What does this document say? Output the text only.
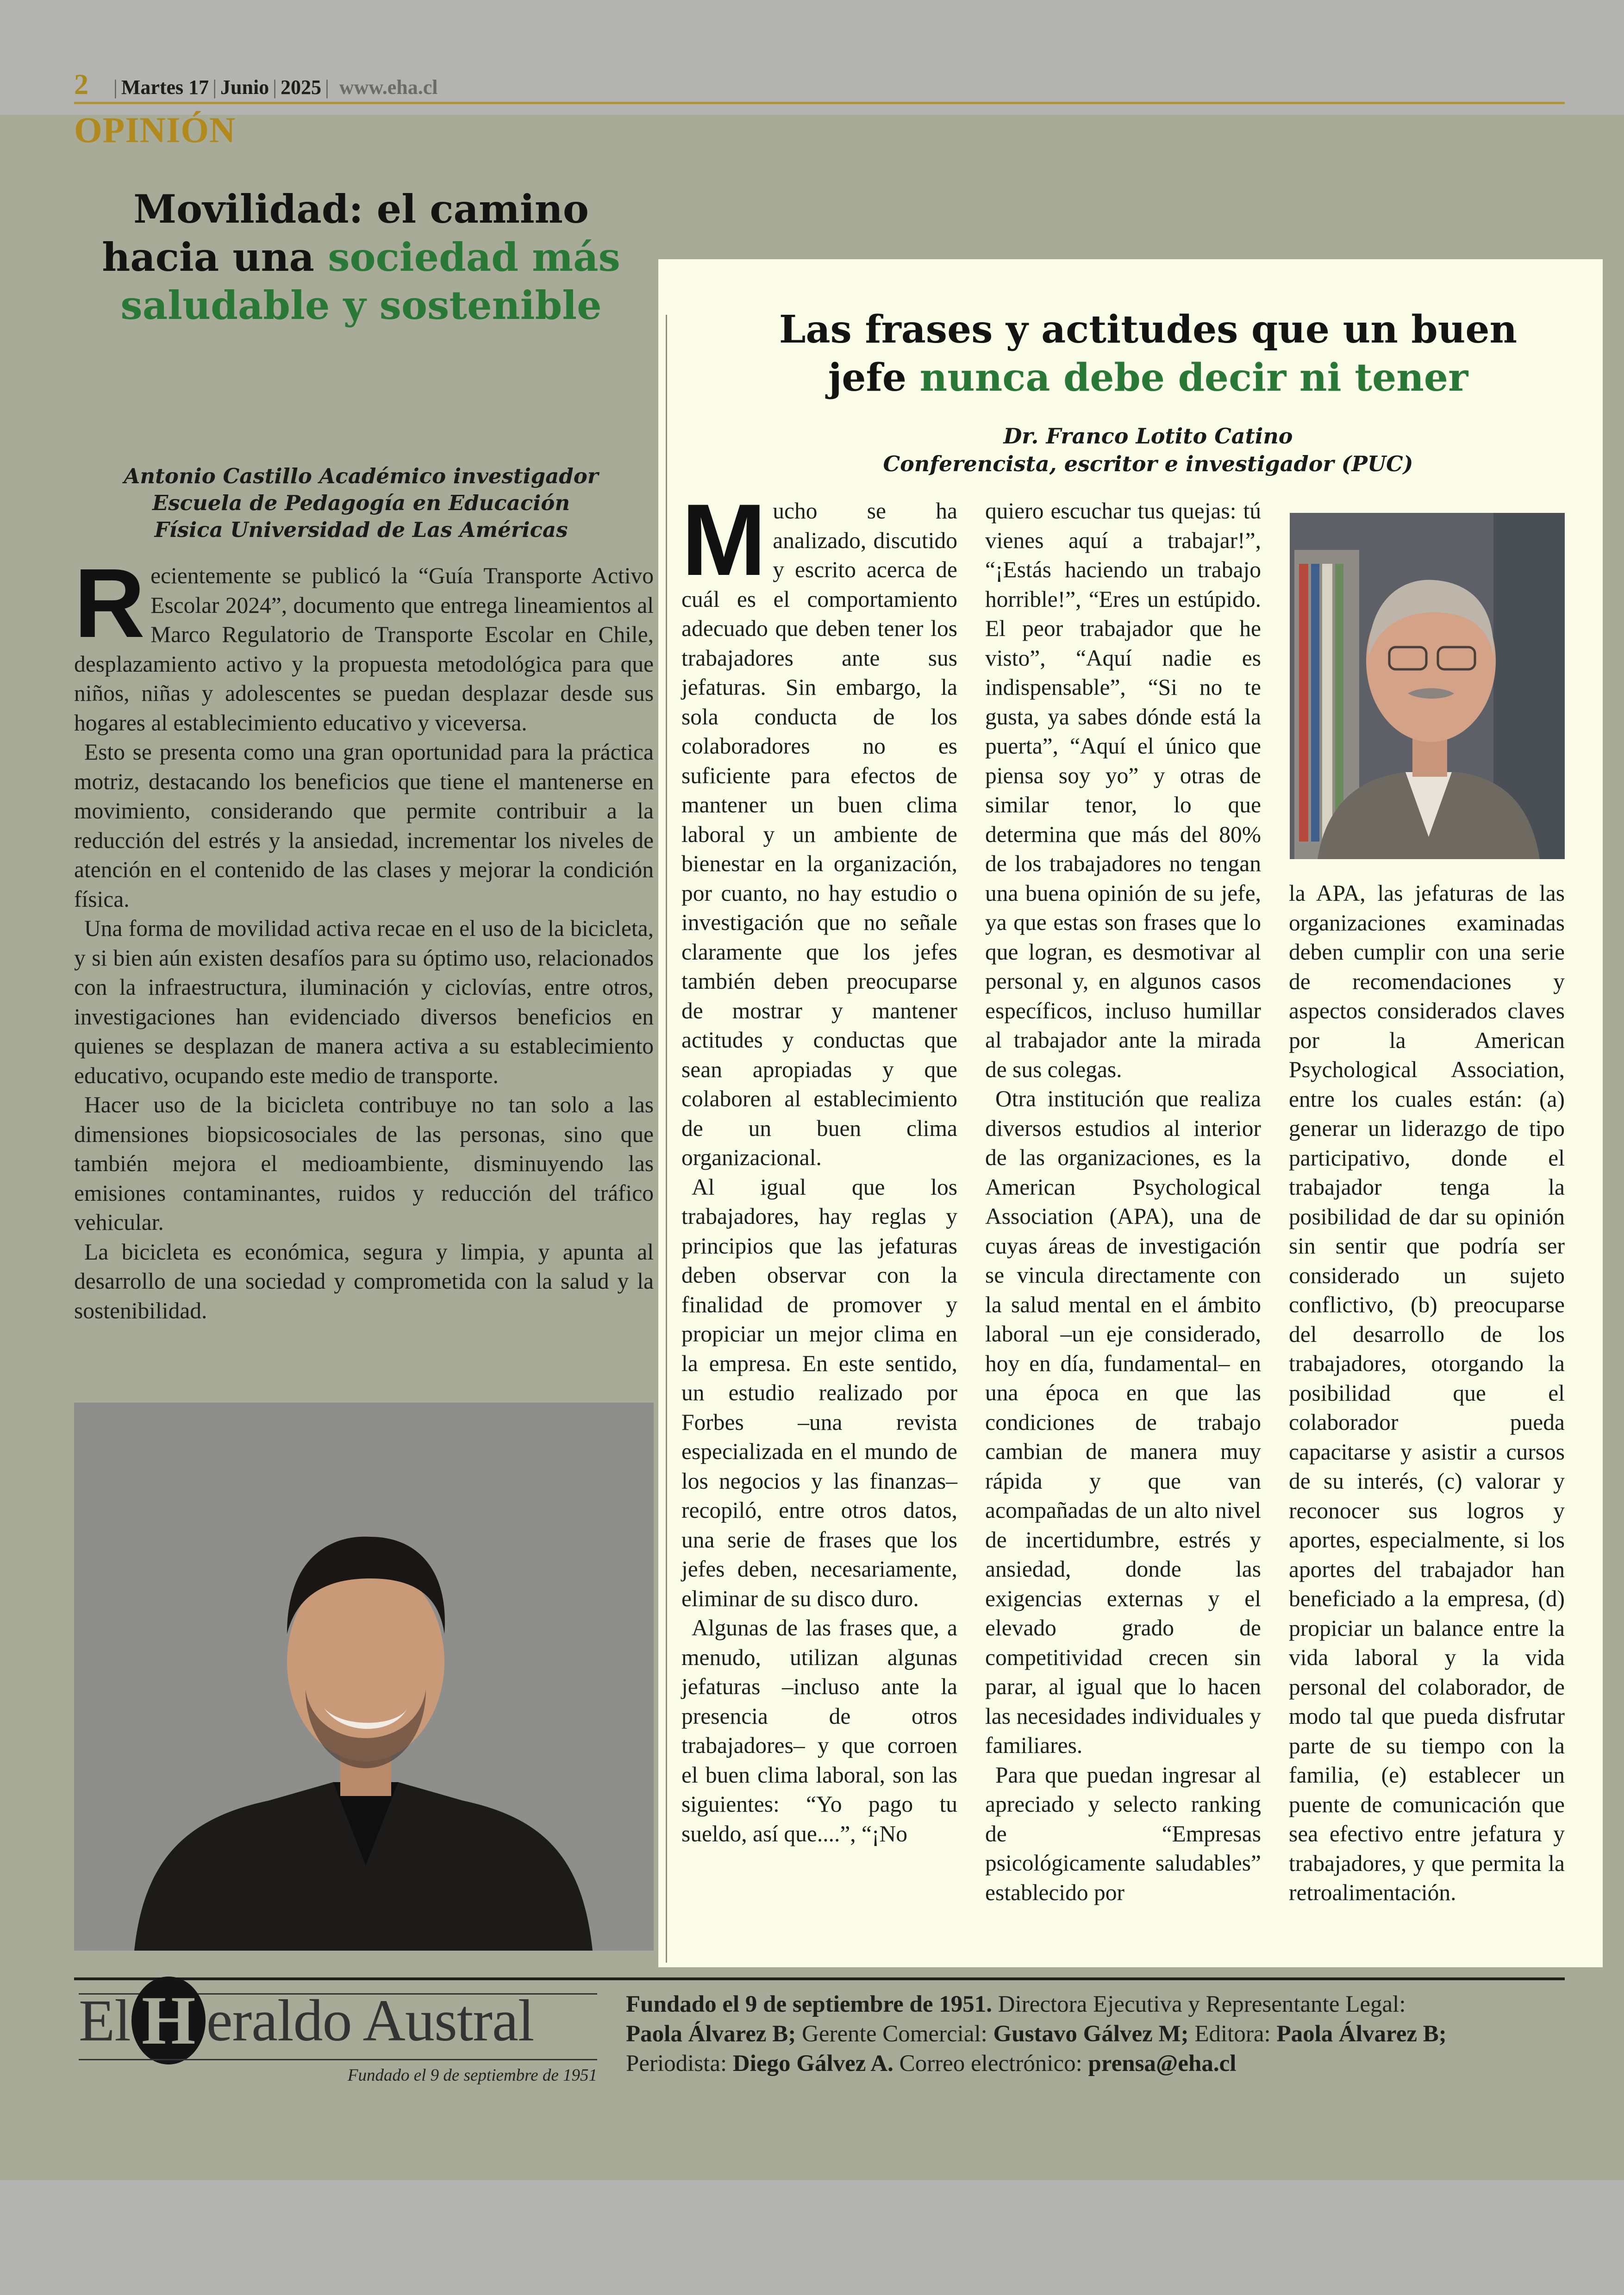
2 | Martes 17 | Junio | 2025 | www.eha.cl
OPINIÓN
Movilidad: el camino hacia una sociedad más saludable y sostenible
Antonio Castillo Académico investigador
Escuela de Pedagogía en Educación
Física Universidad de Las Américas

Recientemente se publicó la “Guía Transporte Activo Escolar 2024”, documento que entrega lineamientos al Marco Regulatorio de Transporte Escolar en Chile, desplazamiento activo y la propuesta metodológica para que niños, niñas y adolescentes se puedan desplazar desde sus hogares al establecimiento educativo y viceversa.

Esto se presenta como una gran oportunidad para la práctica motriz, destacando los beneficios que tiene el mantenerse en movimiento, considerando que permite contribuir a la reducción del estrés y la ansiedad, incrementar los niveles de atención en el contenido de las clases y mejorar la condición física.

Una forma de movilidad activa recae en el uso de la bicicleta, y si bien aún existen desafíos para su óptimo uso, relacionados con la infraestructura, iluminación y ciclovías, entre otros, investigaciones han evidenciado diversos beneficios en quienes se desplazan de manera activa a su establecimiento educativo, ocupando este medio de transporte.

Hacer uso de la bicicleta contribuye no tan solo a las dimensiones biopsicosociales de las personas, sino que también mejora el medioambiente, disminuyendo las emisiones contaminantes, ruidos y reducción del tráfico vehicular.

La bicicleta es económica, segura y limpia, y apunta al desarrollo de una sociedad y comprometida con la salud y la sostenibilidad.

Las frases y actitudes que un buen
jefe nunca debe decir ni tener
Dr. Franco Lotito Catino
Conferencista, escritor e investigador (PUC)

Mucho se ha analizado, discutido y escrito acerca de cuál es el comportamiento adecuado que deben tener los trabajadores ante sus jefaturas. Sin embargo, la sola conducta de los colaboradores no es suficiente para efectos de mantener un buen clima laboral y un ambiente de bienestar en la organización, por cuanto, no hay estudio o investigación que no señale claramente que los jefes también deben preocuparse de mostrar y mantener actitudes y conductas que sean apropiadas y que colaboren al establecimiento de un buen clima organizacional.

Al igual que los trabajadores, hay reglas y principios que las jefaturas deben observar con la finalidad de promover y propiciar un mejor clima en la empresa. En este sentido, un estudio realizado por Forbes –una revista especializada en el mundo de los negocios y las finanzas– recopiló, entre otros datos, una serie de frases que los jefes deben, necesariamente, eliminar de su disco duro.

Algunas de las frases que, a menudo, utilizan algunas jefaturas –incluso ante la presencia de otros trabajadores– y que corroen el buen clima laboral, son las siguientes: “Yo pago tu sueldo, así que....”, “¡No

quiero escuchar tus quejas: tú vienes aquí a trabajar!”, “¡Estás haciendo un trabajo horrible!”, “Eres un estúpido. El peor trabajador que he visto”, “Aquí nadie es indispensable”, “Si no te gusta, ya sabes dónde está la puerta”, “Aquí el único que piensa soy yo” y otras de similar tenor, lo que determina que más del 80% de los trabajadores no tengan una buena opinión de su jefe, ya que estas son frases que lo que logran, es desmotivar al personal y, en algunos casos específicos, incluso humillar al trabajador ante la mirada de sus colegas.

Otra institución que realiza diversos estudios al interior de las organizaciones, es la American Psychological Association (APA), una de cuyas áreas de investigación se vincula directamente con la salud mental en el ámbito laboral –un eje considerado, hoy en día, fundamental– en una época en que las condiciones de trabajo cambian de manera muy rápida y que van acompañadas de un alto nivel de incertidumbre, estrés y ansiedad, donde las exigencias externas y el elevado grado de competitividad crecen sin parar, al igual que lo hacen las necesidades individuales y familiares.

Para que puedan ingresar al apreciado y selecto ranking de “Empresas psicológicamente saludables” establecido por

la APA, las jefaturas de las organizaciones examinadas deben cumplir con una serie de recomendaciones y aspectos considerados claves por la American Psychological Association, entre los cuales están: (a) generar un liderazgo de tipo participativo, donde el trabajador tenga la posibilidad de dar su opinión sin sentir que podría ser considerado un sujeto conflictivo, (b) preocuparse del desarrollo de los trabajadores, otorgando la posibilidad que el colaborador pueda capacitarse y asistir a cursos de su interés, (c) valorar y reconocer sus logros y aportes, especialmente, si los aportes del trabajador han beneficiado a la empresa, (d) propiciar un balance entre la vida laboral y la vida personal del colaborador, de modo tal que pueda disfrutar parte de su tiempo con la familia, (e) establecer un puente de comunicación que sea efectivo entre jefatura y trabajadores, y que permita la retroalimentación.

El H eraldo Austral
Fundado el 9 de septiembre de 1951
Fundado el 9 de septiembre de 1951. Directora Ejecutiva y Representante Legal:
Paola Álvarez B; Gerente Comercial: Gustavo Gálvez M; Editora: Paola Álvarez B;
Periodista: Diego Gálvez A. Correo electrónico: prensa@eha.cl
